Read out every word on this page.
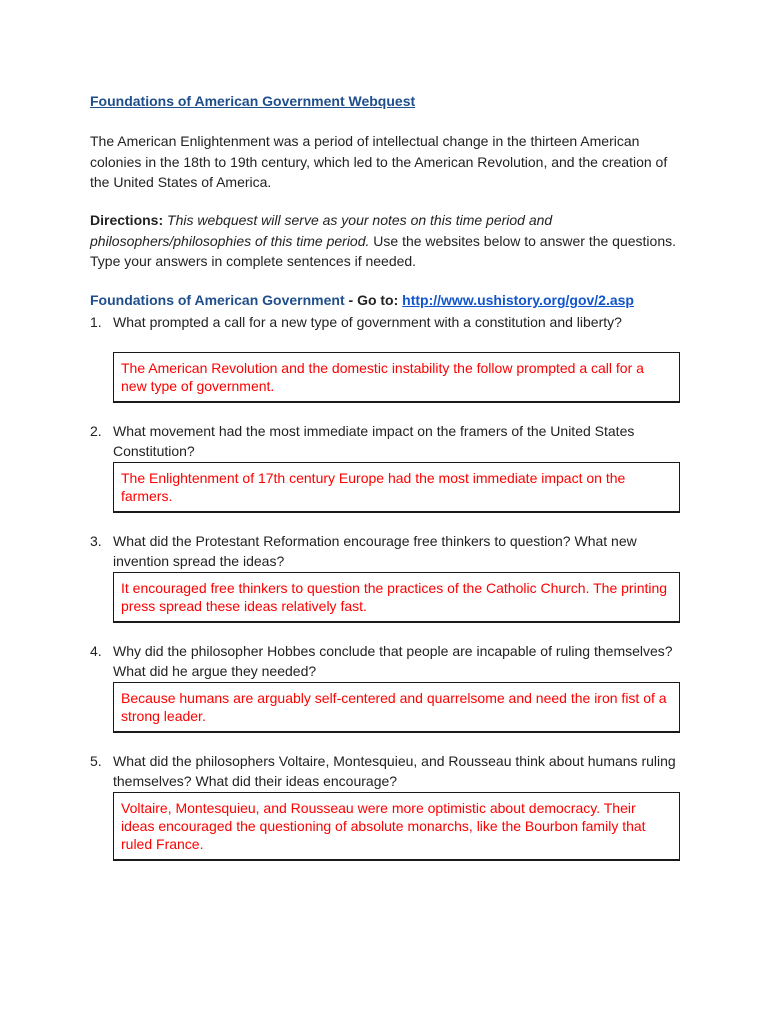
Foundations of American Government Webquest

The American Enlightenment was a period of intellectual change in the thirteen American colonies in the 18th to 19th century, which led to the American Revolution, and the creation of the United States of America.

Directions: This webquest will serve as your notes on this time period and philosophers/philosophies of this time period. Use the websites below to answer the questions. Type your answers in complete sentences if needed.

Foundations of American Government - Go to: http://www.ushistory.org/gov/2.asp

1. What prompted a call for a new type of government with a constitution and liberty?
The American Revolution and the domestic instability the follow prompted a call for a new type of government.
2. What movement had the most immediate impact on the framers of the United States Constitution?
The Enlightenment of 17th century Europe had the most immediate impact on the farmers.
3. What did the Protestant Reformation encourage free thinkers to question? What new invention spread the ideas?
It encouraged free thinkers to question the practices of the Catholic Church. The printing press spread these ideas relatively fast.
4. Why did the philosopher Hobbes conclude that people are incapable of ruling themselves? What did he argue they needed?
Because humans are arguably self-centered and quarrelsome and need the iron fist of a strong leader.
5. What did the philosophers Voltaire, Montesquieu, and Rousseau think about humans ruling themselves? What did their ideas encourage?
Voltaire, Montesquieu, and Rousseau were more optimistic about democracy. Their ideas encouraged the questioning of absolute monarchs, like the Bourbon family that ruled France.
